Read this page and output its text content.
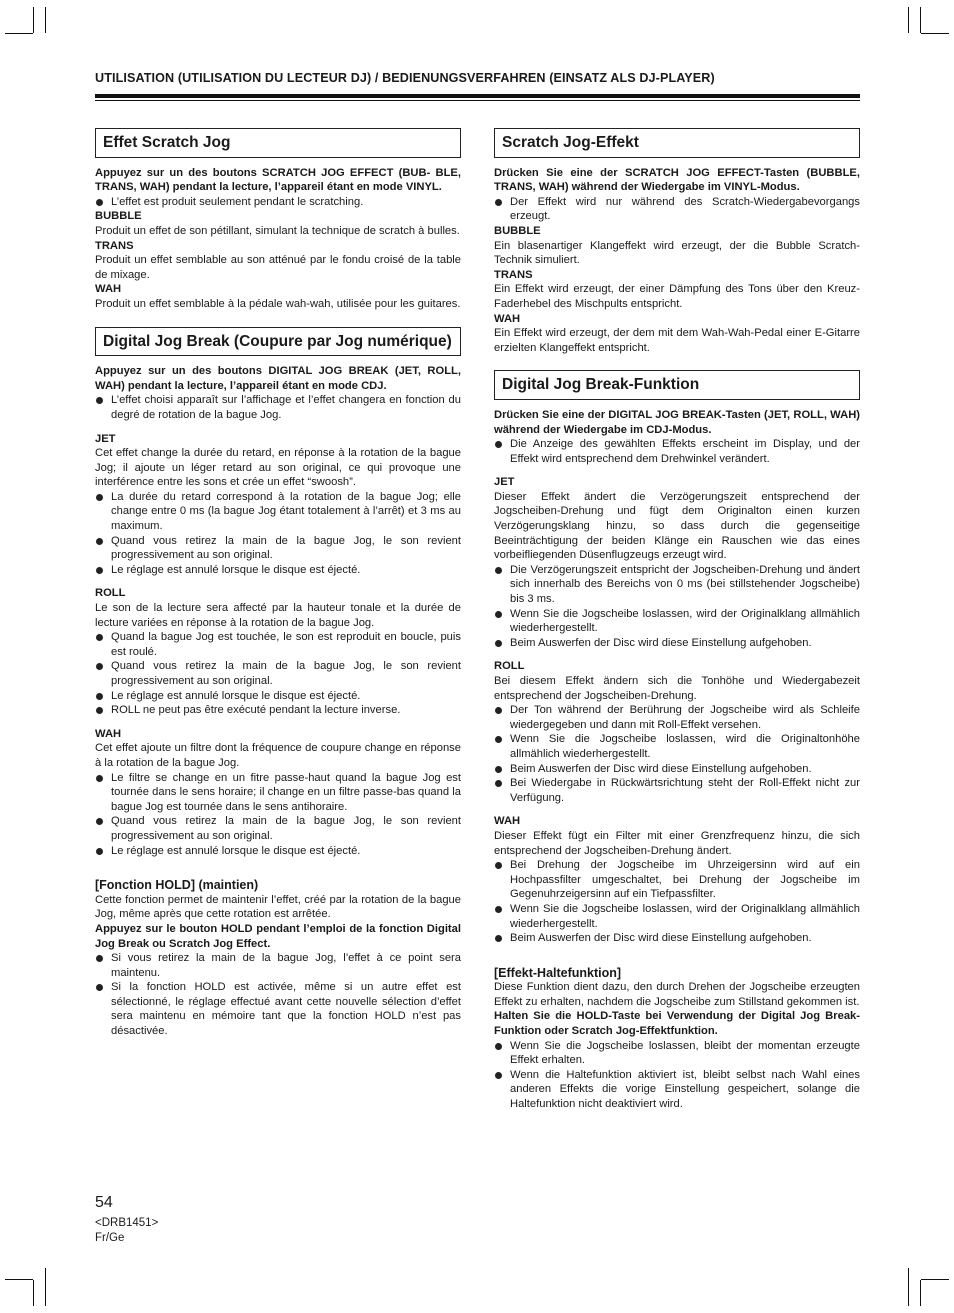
UTILISATION (UTILISATION DU LECTEUR DJ) / BEDIENUNGSVERFAHREN (EINSATZ ALS DJ-PLAYER)
Effet Scratch Jog

Appuyez sur un des boutons SCRATCH JOG EFFECT (BUB- BLE, TRANS, WAH) pendant la lecture, l’appareil étant en mode VINYL.

L’effet est produit seulement pendant le scratching.

BUBBLE

Produit un effet de son pétillant, simulant la technique de scratch à bulles.

TRANS

Produit un effet semblable au son atténué par le fondu croisé de la table de mixage.

WAH

Produit un effet semblable à la pédale wah-wah, utilisée pour les guitares.

Digital Jog Break (Coupure par Jog numérique)

Appuyez sur un des boutons DIGITAL JOG BREAK (JET, ROLL, WAH) pendant la lecture, l’appareil étant en mode CDJ.

L’effet choisi apparaît sur l’affichage et l’effet changera en fonction du degré de rotation de la bague Jog.

JET

Cet effet change la durée du retard, en réponse à la rotation de la bague Jog; il ajoute un léger retard au son original, ce qui provoque une interférence entre les sons et crée un effet “swoosh”.

La durée du retard correspond à la rotation de la bague Jog; elle change entre 0 ms (la bague Jog étant totalement à l’arrêt) et 3 ms au maximum.
Quand vous retirez la main de la bague Jog, le son revient progressivement au son original.
Le réglage est annulé lorsque le disque est éjecté.

ROLL

Le son de la lecture sera affecté par la hauteur tonale et la durée de lecture variées en réponse à la rotation de la bague Jog.

Quand la bague Jog est touchée, le son est reproduit en boucle, puis est roulé.
Quand vous retirez la main de la bague Jog, le son revient progressivement au son original.
Le réglage est annulé lorsque le disque est éjecté.
ROLL ne peut pas être exécuté pendant la lecture inverse.

WAH

Cet effet ajoute un filtre dont la fréquence de coupure change en réponse à la rotation de la bague Jog.

Le filtre se change en un fitre passe-haut quand la bague Jog est tournée dans le sens horaire; il change en un filtre passe-bas quand la bague Jog est tournée dans le sens antihoraire.
Quand vous retirez la main de la bague Jog, le son revient progressivement au son original.
Le réglage est annulé lorsque le disque est éjecté.

[Fonction HOLD] (maintien)

Cette fonction permet de maintenir l’effet, créé par la rotation de la bague Jog, même après que cette rotation est arrêtée.

Appuyez sur le bouton HOLD pendant l’emploi de la fonction Digital Jog Break ou Scratch Jog Effect.

Si vous retirez la main de la bague Jog, l’effet à ce point sera maintenu.
Si la fonction HOLD est activée, même si un autre effet est sélectionné, le réglage effectué avant cette nouvelle sélection d’effet sera maintenu en mémoire tant que la fonction HOLD n’est pas désactivée.
Scratch Jog-Effekt

Drücken Sie eine der SCRATCH JOG EFFECT-Tasten (BUBBLE, TRANS, WAH) während der Wiedergabe im VINYL-Modus.

Der Effekt wird nur während des Scratch-Wiedergabevorgangs erzeugt.

BUBBLE

Ein blasenartiger Klangeffekt wird erzeugt, der die Bubble Scratch-Technik simuliert.

TRANS

Ein Effekt wird erzeugt, der einer Dämpfung des Tons über den Kreuz-Faderhebel des Mischpults entspricht.

WAH

Ein Effekt wird erzeugt, der dem mit dem Wah-Wah-Pedal einer E-Gitarre erzielten Klangeffekt entspricht.

Digital Jog Break-Funktion

Drücken Sie eine der DIGITAL JOG BREAK-Tasten (JET, ROLL, WAH) während der Wiedergabe im CDJ-Modus.

Die Anzeige des gewählten Effekts erscheint im Display, und der Effekt wird entsprechend dem Drehwinkel verändert.

JET

Dieser Effekt ändert die Verzögerungszeit entsprechend der Jogscheiben-Drehung und fügt dem Originalton einen kurzen Verzögerungsklang hinzu, so dass durch die gegenseitige Beeinträchtigung der beiden Klänge ein Rauschen wie das eines vorbeifliegenden Düsenflugzeugs erzeugt wird.

Die Verzögerungszeit entspricht der Jogscheiben-Drehung und ändert sich innerhalb des Bereichs von 0 ms (bei stillstehender Jogscheibe) bis 3 ms.
Wenn Sie die Jogscheibe loslassen, wird der Originalklang allmählich wiederhergestellt.
Beim Auswerfen der Disc wird diese Einstellung aufgehoben.

ROLL

Bei diesem Effekt ändern sich die Tonhöhe und Wiedergabezeit entsprechend der Jogscheiben-Drehung.

Der Ton während der Berührung der Jogscheibe wird als Schleife wiedergegeben und dann mit Roll-Effekt versehen.
Wenn Sie die Jogscheibe loslassen, wird die Originaltonhöhe allmählich wiederhergestellt.
Beim Auswerfen der Disc wird diese Einstellung aufgehoben.
Bei Wiedergabe in Rückwärtsrichtung steht der Roll-Effekt nicht zur Verfügung.

WAH

Dieser Effekt fügt ein Filter mit einer Grenzfrequenz hinzu, die sich entsprechend der Jogscheiben-Drehung ändert.

Bei Drehung der Jogscheibe im Uhrzeigersinn wird auf ein Hochpassfilter umgeschaltet, bei Drehung der Jogscheibe im Gegenuhrzeigersinn auf ein Tiefpassfilter.
Wenn Sie die Jogscheibe loslassen, wird der Originalklang allmählich wiederhergestellt.
Beim Auswerfen der Disc wird diese Einstellung aufgehoben.

[Effekt-Haltefunktion]

Diese Funktion dient dazu, den durch Drehen der Jogscheibe erzeugten Effekt zu erhalten, nachdem die Jogscheibe zum Stillstand gekommen ist.

Halten Sie die HOLD-Taste bei Verwendung der Digital Jog Break-Funktion oder Scratch Jog-Effektfunktion.

Wenn Sie die Jogscheibe loslassen, bleibt der momentan erzeugte Effekt erhalten.
Wenn die Haltefunktion aktiviert ist, bleibt selbst nach Wahl eines anderen Effekts die vorige Einstellung gespeichert, solange die Haltefunktion nicht deaktiviert wird.
54
<DRB1451>
Fr/Ge
